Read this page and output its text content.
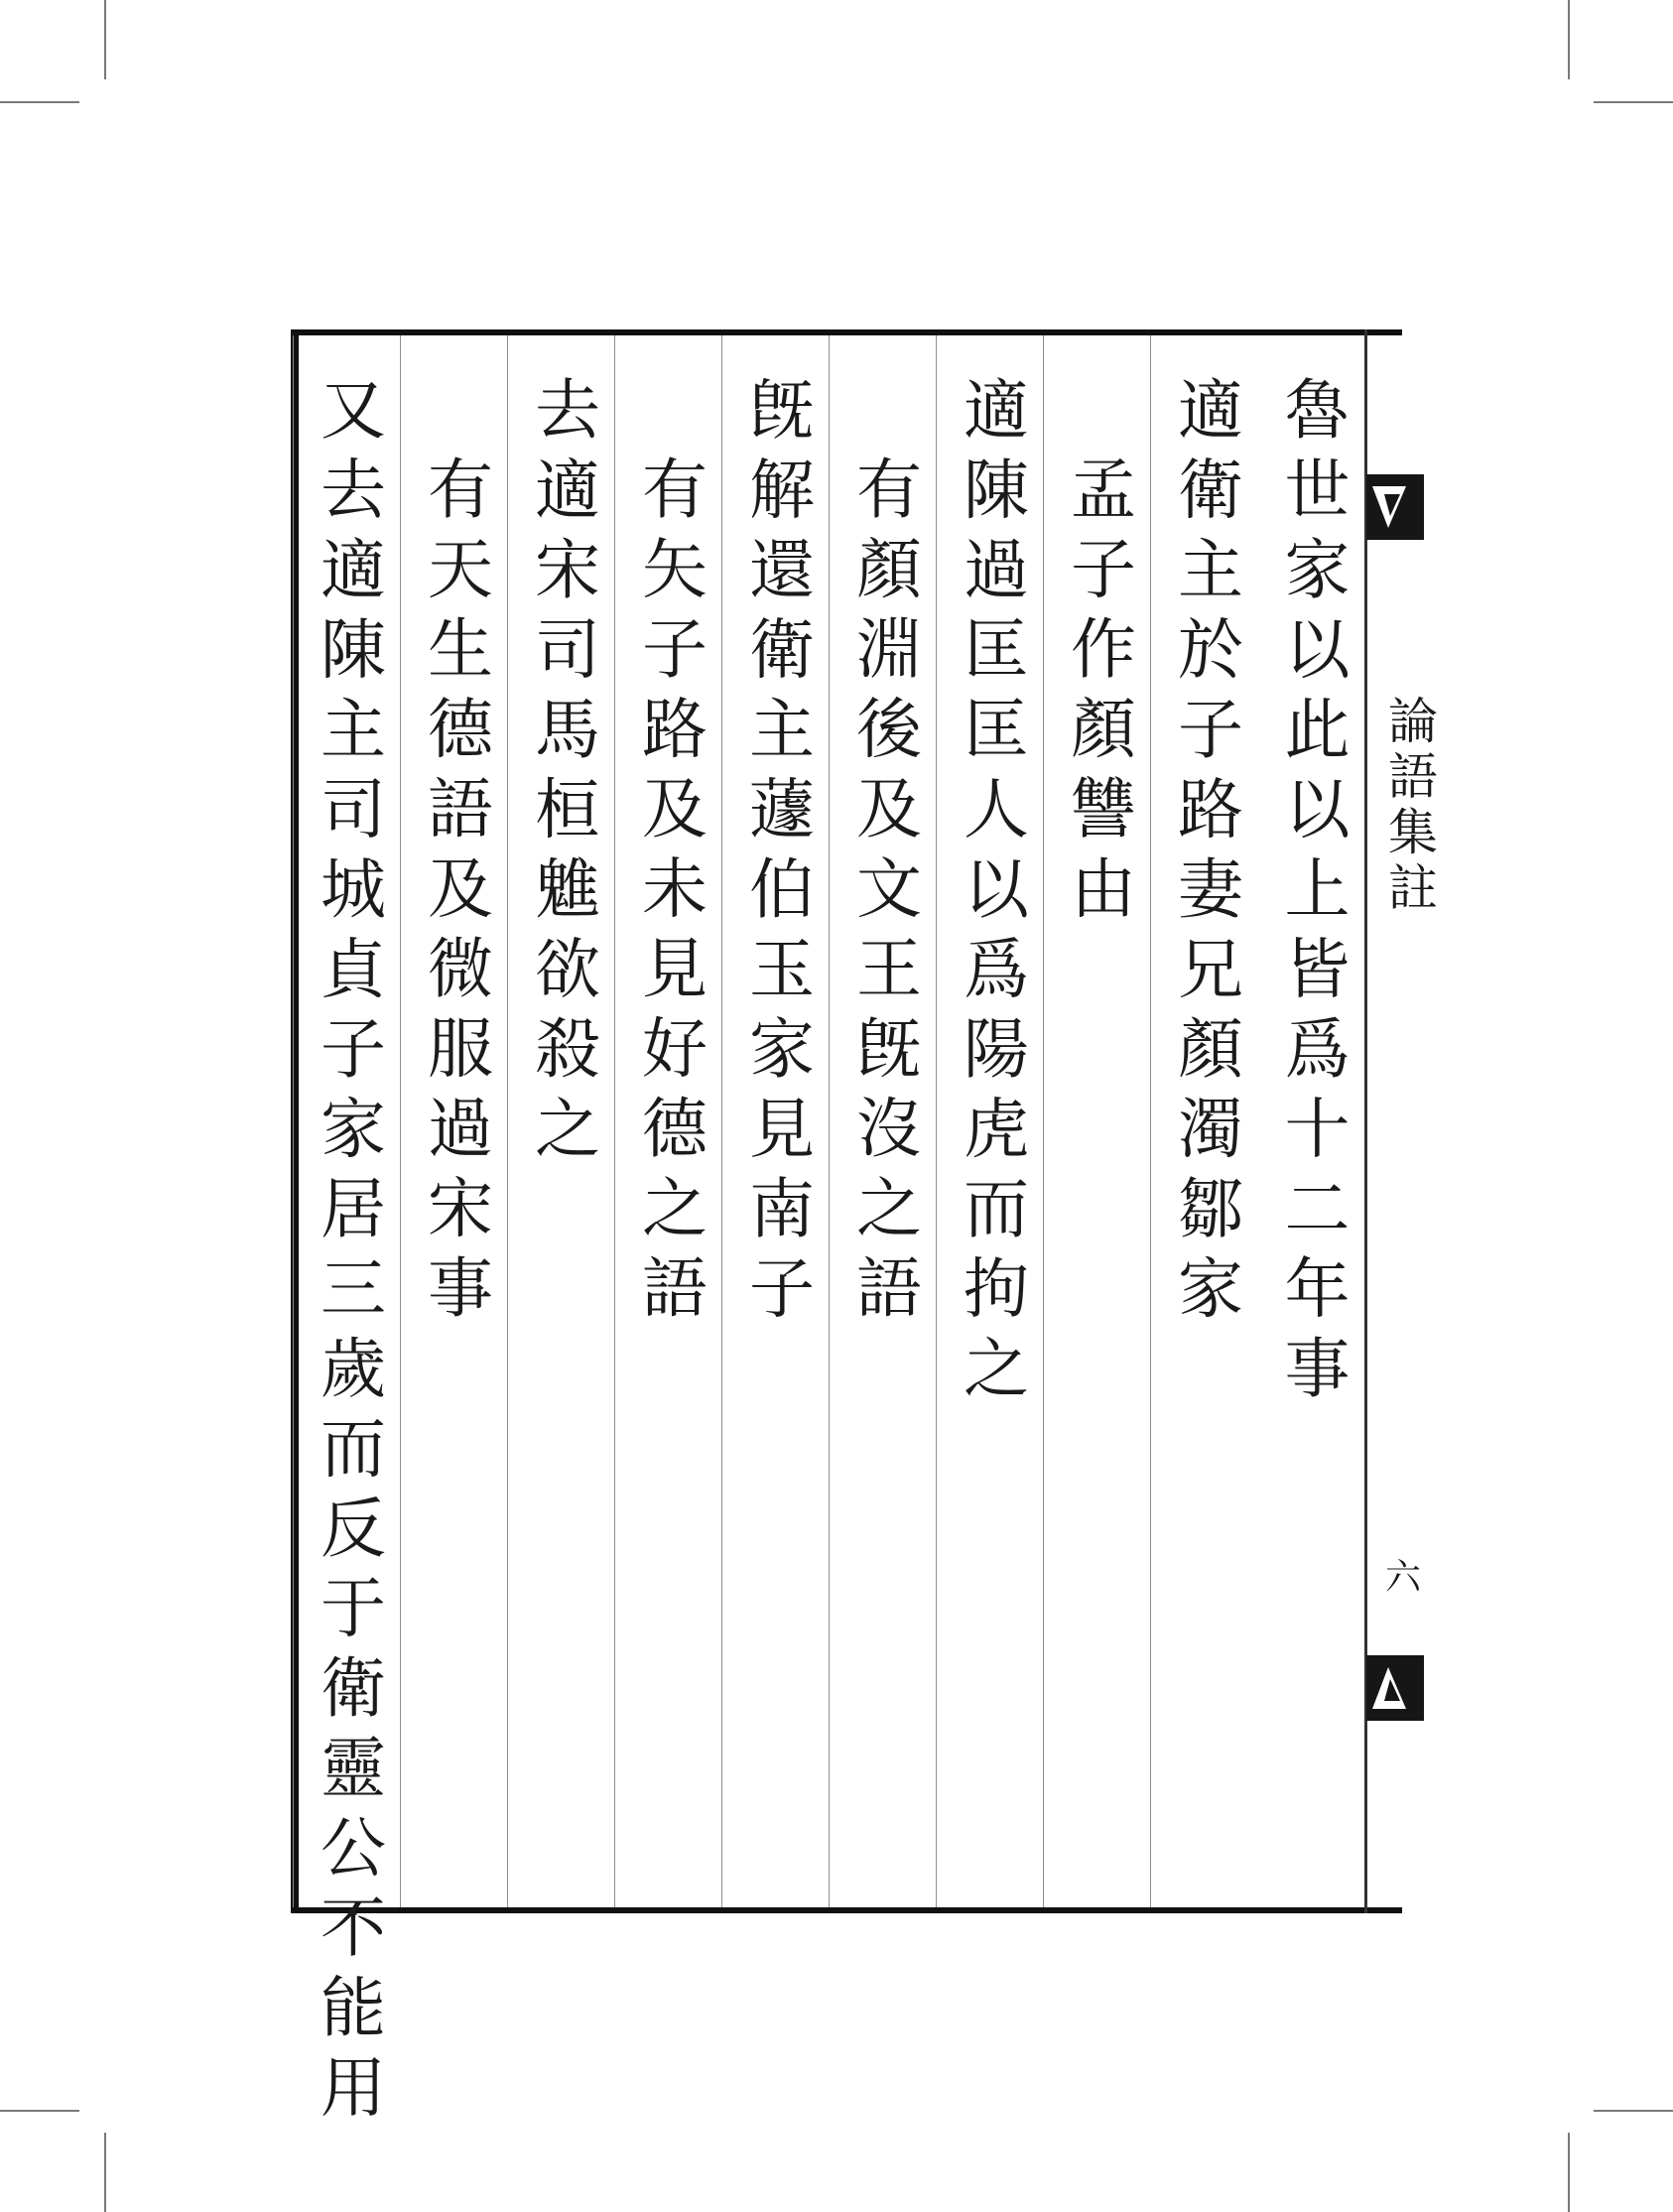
魯世家以此以上皆爲十二年事
適衛主於子路妻兄顏濁鄒家
孟子作顏讐由
適陳過匡匡人以爲陽虎而拘之
有顏淵後及文王旣沒之語
旣解還衛主蘧伯玉家見南子
有矢子路及未見好德之語
去適宋司馬桓魋欲殺之
有天生德語及微服過宋事
又去適陳主司城貞子家居三歲而反于衛靈公不能用	論語集註
六
